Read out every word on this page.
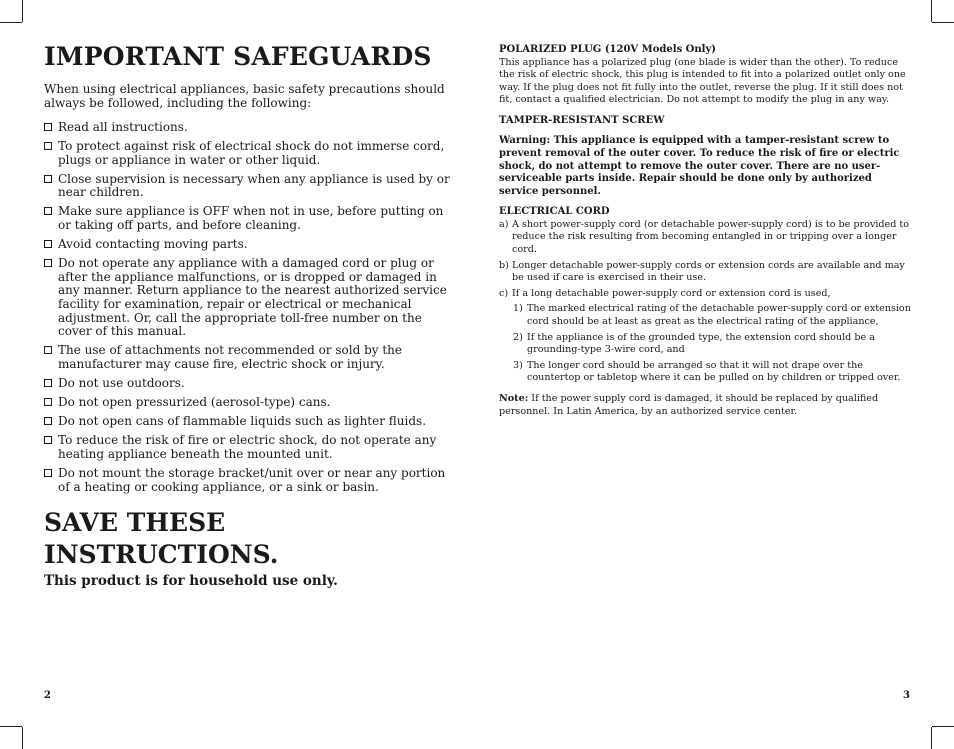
IMPORTANT SAFEGUARDS

When using electrical appliances, basic safety precautions should always be followed, including the following:

Read all instructions.
To protect against risk of electrical shock do not immerse cord, plugs or appliance in water or other liquid.
Close supervision is necessary when any appliance is used by or near children.
Make sure appliance is OFF when not in use, before putting on or taking off parts, and before cleaning.
Avoid contacting moving parts.
Do not operate any appliance with a damaged cord or plug or after the appliance malfunctions, or is dropped or damaged in any manner. Return appliance to the nearest authorized service facility for examination, repair or electrical or mechanical adjustment. Or, call the appropriate toll-free number on the cover of this manual.
The use of attachments not recommended or sold by the manufacturer may cause fire, electric shock or injury.
Do not use outdoors.
Do not open pressurized (aerosol-type) cans.
Do not open cans of flammable liquids such as lighter fluids.
To reduce the risk of fire or electric shock, do not operate any heating appliance beneath the mounted unit.
Do not mount the storage bracket/unit over or near any portion of a heating or cooking appliance, or a sink or basin.
SAVE THESE INSTRUCTIONS.

This product is for household use only.

POLARIZED PLUG (120V Models Only)

This appliance has a polarized plug (one blade is wider than the other). To reduce the risk of electric shock, this plug is intended to fit into a polarized outlet only one way. If the plug does not fit fully into the outlet, reverse the plug. If it still does not fit, contact a qualified electrician. Do not attempt to modify the plug in any way.

TAMPER-RESISTANT SCREW

Warning: This appliance is equipped with a tamper-resistant screw to prevent removal of the outer cover. To reduce the risk of fire or electric shock, do not attempt to remove the outer cover. There are no user-serviceable parts inside. Repair should be done only by authorized service personnel.

ELECTRICAL CORD

a) A short power-supply cord (or detachable power-supply cord) is to be provided to reduce the risk resulting from becoming entangled in or tripping over a longer cord.
b) Longer detachable power-supply cords or extension cords are available and may be used if care is exercised in their use.
c) If a long detachable power-supply cord or extension cord is used,
1) The marked electrical rating of the detachable power-supply cord or extension cord should be at least as great as the electrical rating of the appliance,
2) If the appliance is of the grounded type, the extension cord should be a grounding-type 3-wire cord, and
3) The longer cord should be arranged so that it will not drape over the countertop or tabletop where it can be pulled on by children or tripped over.

Note: If the power supply cord is damaged, it should be replaced by qualified personnel. In Latin America, by an authorized service center.

2	3
